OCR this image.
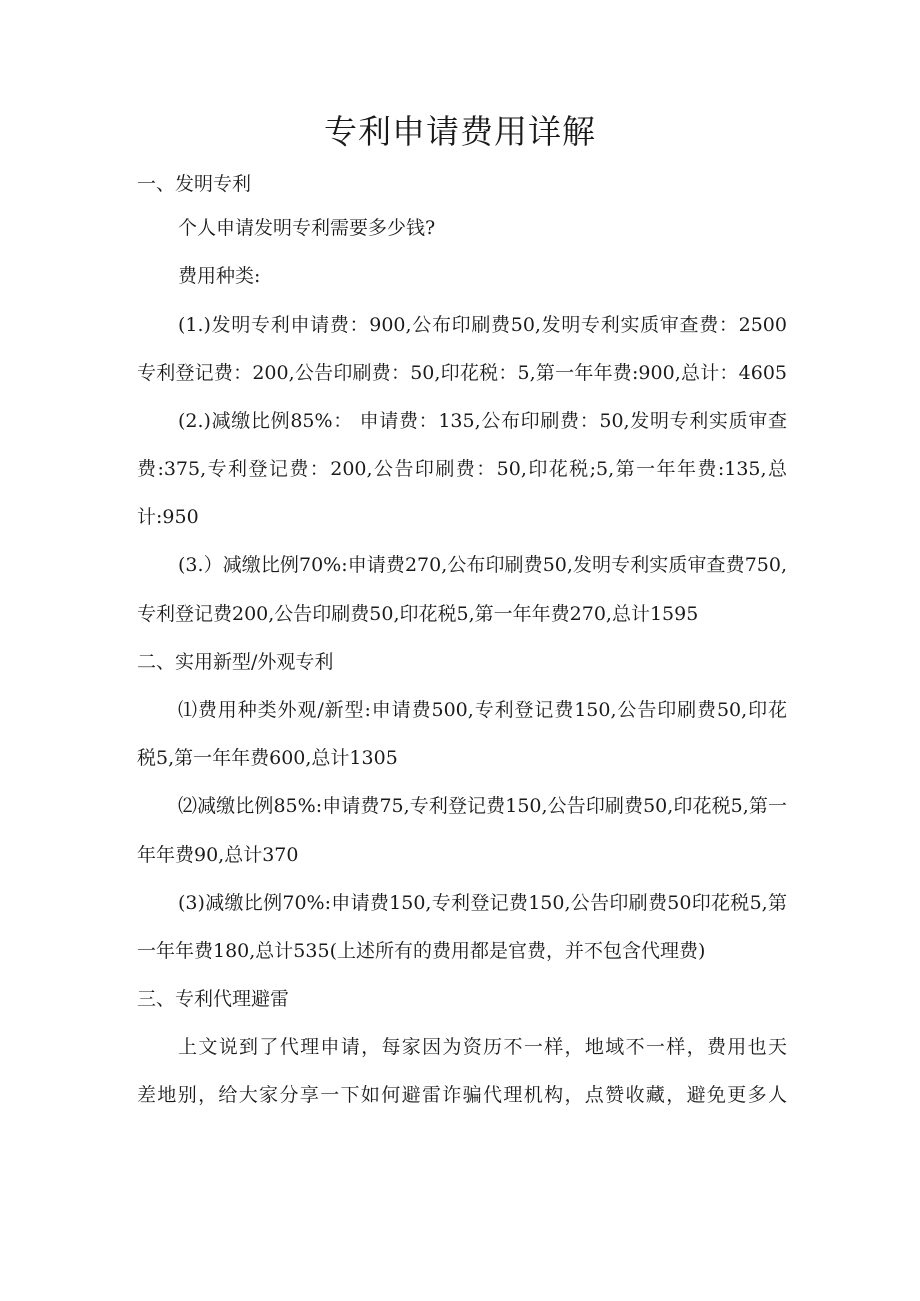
专利申请费用详解

一、发明专利

个人申请发明专利需要多少钱?

费用种类:

(1.)发明专利申请费：900,公布印刷费50,发明专利实质审查费：2500

专利登记费：200,公告印刷费：50,印花税：5,第一年年费:900,总计：4605

(2.)减缴比例85%： 申请费：135,公布印刷费：50,发明专利实质审查

费:375,专利登记费：200,公告印刷费：50,印花税;5,第一年年费:135,总

计:950

(3.）减缴比例70%:申请费270,公布印刷费50,发明专利实质审查费750,

专利登记费200,公告印刷费50,印花税5,第一年年费270,总计1595

二、实用新型/外观专利

⑴费用种类外观/新型:申请费500,专利登记费150,公告印刷费50,印花

税5,第一年年费600,总计1305

⑵减缴比例85%:申请费75,专利登记费150,公告印刷费50,印花税5,第一

年年费90,总计370

(3)减缴比例70%:申请费150,专利登记费150,公告印刷费50印花税5,第

一年年费180,总计535(上述所有的费用都是官费，并不包含代理费)

三、专利代理避雷

上文说到了代理申请，每家因为资历不一样，地域不一样，费用也天

差地别，给大家分享一下如何避雷诈骗代理机构，点赞收藏，避免更多人
